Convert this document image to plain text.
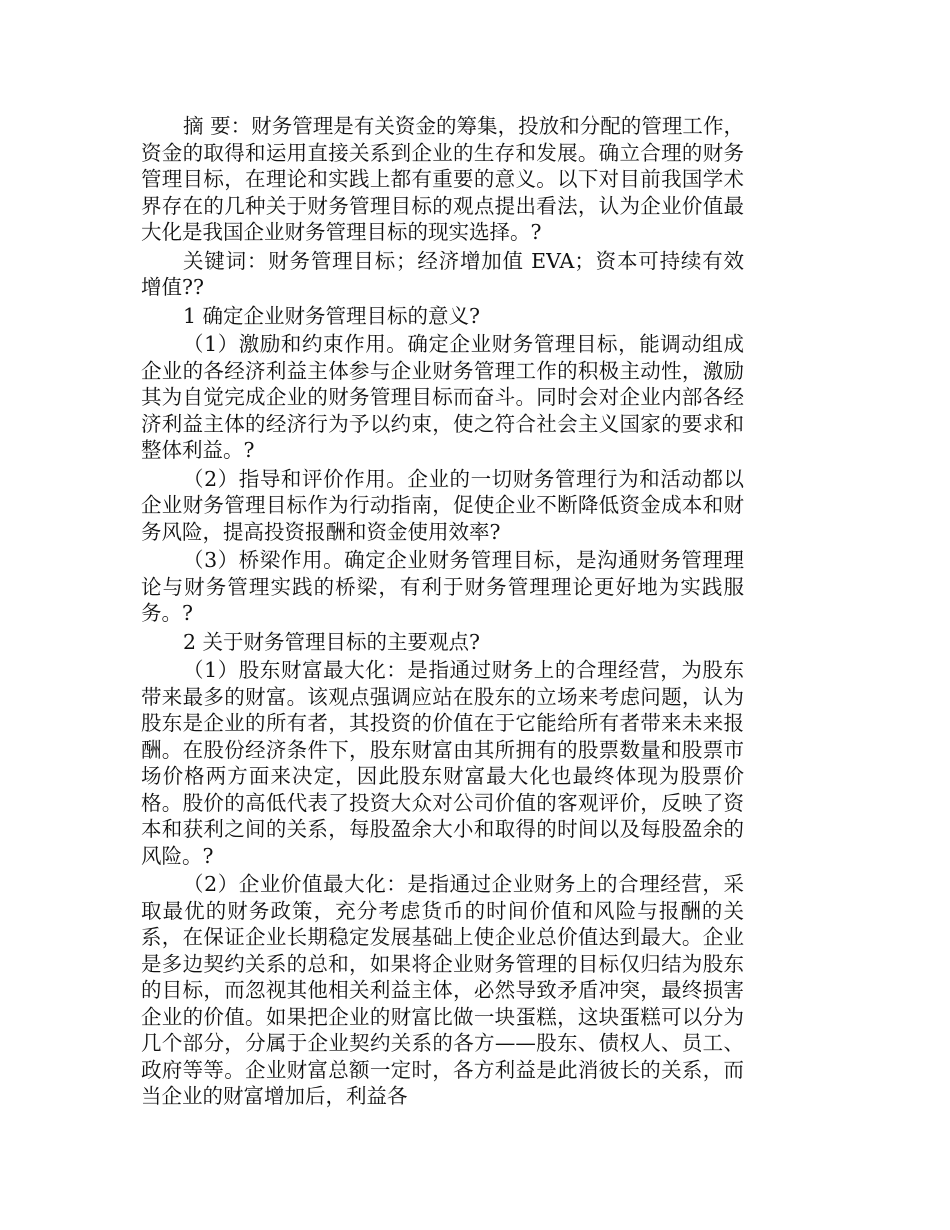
摘 要：财务管理是有关资金的筹集，投放和分配的管理工作，资金的取得和运用直接关系到企业的生存和发展。确立合理的财务管理目标，在理论和实践上都有重要的意义。以下对目前我国学术界存在的几种关于财务管理目标的观点提出看法，认为企业价值最大化是我国企业财务管理目标的现实选择。?

关键词：财务管理目标；经济增加值 EVA；资本可持续有效增值??

1 确定企业财务管理目标的意义?

（1）激励和约束作用。确定企业财务管理目标，能调动组成企业的各经济利益主体参与企业财务管理工作的积极主动性，激励其为自觉完成企业的财务管理目标而奋斗。同时会对企业内部各经济利益主体的经济行为予以约束，使之符合社会主义国家的要求和整体利益。?

（2）指导和评价作用。企业的一切财务管理行为和活动都以企业财务管理目标作为行动指南，促使企业不断降低资金成本和财务风险，提高投资报酬和资金使用效率?

（3）桥梁作用。确定企业财务管理目标，是沟通财务管理理论与财务管理实践的桥梁，有利于财务管理理论更好地为实践服务。?

2 关于财务管理目标的主要观点?

（1）股东财富最大化：是指通过财务上的合理经营，为股东带来最多的财富。该观点强调应站在股东的立场来考虑问题，认为股东是企业的所有者，其投资的价值在于它能给所有者带来未来报酬。在股份经济条件下，股东财富由其所拥有的股票数量和股票市场价格两方面来决定，因此股东财富最大化也最终体现为股票价格。股价的高低代表了投资大众对公司价值的客观评价，反映了资本和获利之间的关系，每股盈余大小和取得的时间以及每股盈余的风险。?

（2）企业价值最大化：是指通过企业财务上的合理经营，采取最优的财务政策，充分考虑货币的时间价值和风险与报酬的关系，在保证企业长期稳定发展基础上使企业总价值达到最大。企业是多边契约关系的总和，如果将企业财务管理的目标仅归结为股东的目标，而忽视其他相关利益主体，必然导致矛盾冲突，最终损害企业的价值。如果把企业的财富比做一块蛋糕，这块蛋糕可以分为几个部分，分属于企业契约关系的各方——股东、债权人、员工、政府等等。企业财富总额一定时，各方利益是此消彼长的关系，而当企业的财富增加后，利益各
